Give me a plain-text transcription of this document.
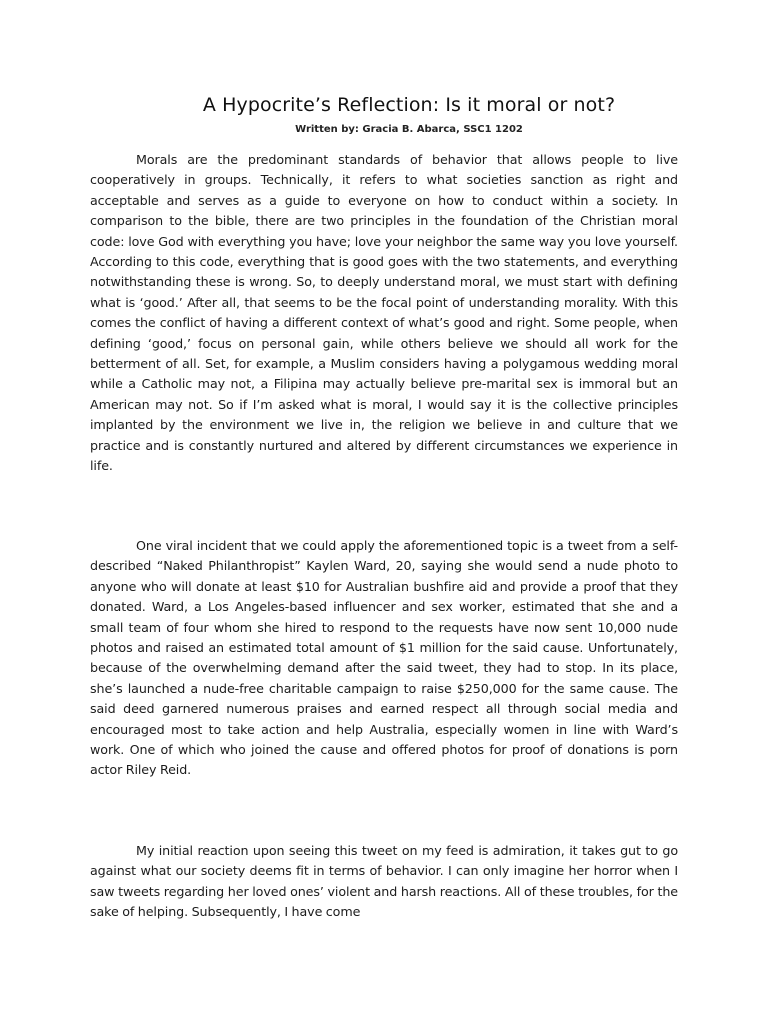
A Hypocrite’s Reflection: Is it moral or not?
Written by: Gracia B. Abarca, SSC1 1202

Morals are the predominant standards of behavior that allows people to live cooperatively in groups. Technically, it refers to what societies sanction as right and acceptable and serves as a guide to everyone on how to conduct within a society. In comparison to the bible, there are two principles in the foundation of the Christian moral code: love God with everything you have; love your neighbor the same way you love yourself. According to this code, everything that is good goes with the two statements, and everything notwithstanding these is wrong. So, to deeply understand moral, we must start with defining what is ‘good.’ After all, that seems to be the focal point of understanding morality. With this comes the conflict of having a different context of what’s good and right. Some people, when defining ‘good,’ focus on personal gain, while others believe we should all work for the betterment of all. Set, for example, a Muslim considers having a polygamous wedding moral while a Catholic may not, a Filipina may actually believe pre-marital sex is immoral but an American may not. So if I’m asked what is moral, I would say it is the collective principles implanted by the environment we live in, the religion we believe in and culture that we practice and is constantly nurtured and altered by different circumstances we experience in life.

One viral incident that we could apply the aforementioned topic is a tweet from a self-described “Naked Philanthropist” Kaylen Ward, 20, saying she would send a nude photo to anyone who will donate at least $10 for Australian bushfire aid and provide a proof that they donated. Ward, a Los Angeles-based influencer and sex worker, estimated that she and a small team of four whom she hired to respond to the requests have now sent 10,000 nude photos and raised an estimated total amount of $1 million for the said cause. Unfortunately, because of the overwhelming demand after the said tweet, they had to stop. In its place, she’s launched a nude-free charitable campaign to raise $250,000 for the same cause. The said deed garnered numerous praises and earned respect all through social media and encouraged most to take action and help Australia, especially women in line with Ward’s work. One of which who joined the cause and offered photos for proof of donations is porn actor Riley Reid.

My initial reaction upon seeing this tweet on my feed is admiration, it takes gut to go against what our society deems fit in terms of behavior. I can only imagine her horror when I saw tweets regarding her loved ones’ violent and harsh reactions. All of these troubles, for the sake of helping. Subsequently, I have come
